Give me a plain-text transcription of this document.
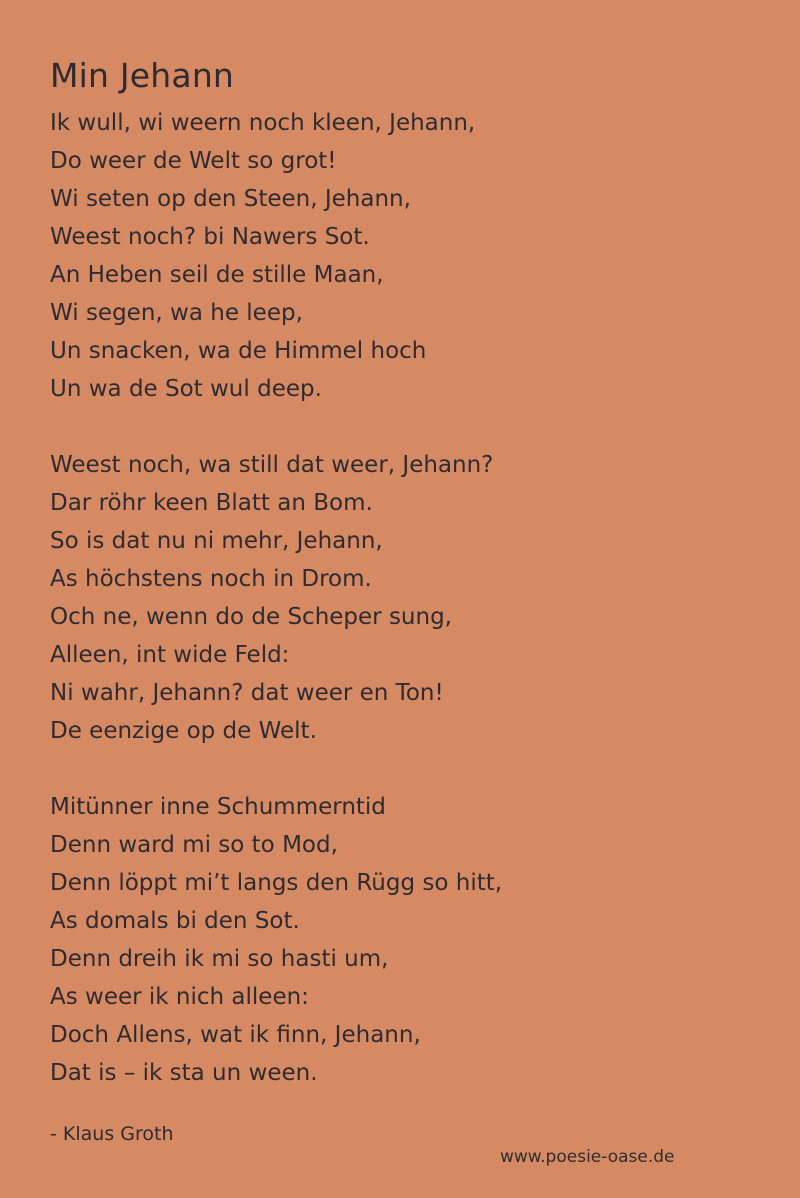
Min Jehann
Ik wull, wi weern noch kleen, Jehann,
Do weer de Welt so grot!
Wi seten op den Steen, Jehann,
Weest noch? bi Nawers Sot.
An Heben seil de stille Maan,
Wi segen, wa he leep,
Un snacken, wa de Himmel hoch
Un wa de Sot wul deep.
Weest noch, wa still dat weer, Jehann?
Dar röhr keen Blatt an Bom.
So is dat nu ni mehr, Jehann,
As höchstens noch in Drom.
Och ne, wenn do de Scheper sung,
Alleen, int wide Feld:
Ni wahr, Jehann? dat weer en Ton!
De eenzige op de Welt.
Mitünner inne Schummerntid
Denn ward mi so to Mod,
Denn löppt mi’t langs den Rügg so hitt,
As domals bi den Sot.
Denn dreih ik mi so hasti um,
As weer ik nich alleen:
Doch Allens, wat ik finn, Jehann,
Dat is – ik sta un ween.
- Klaus Groth
www.poesie-oase.de
